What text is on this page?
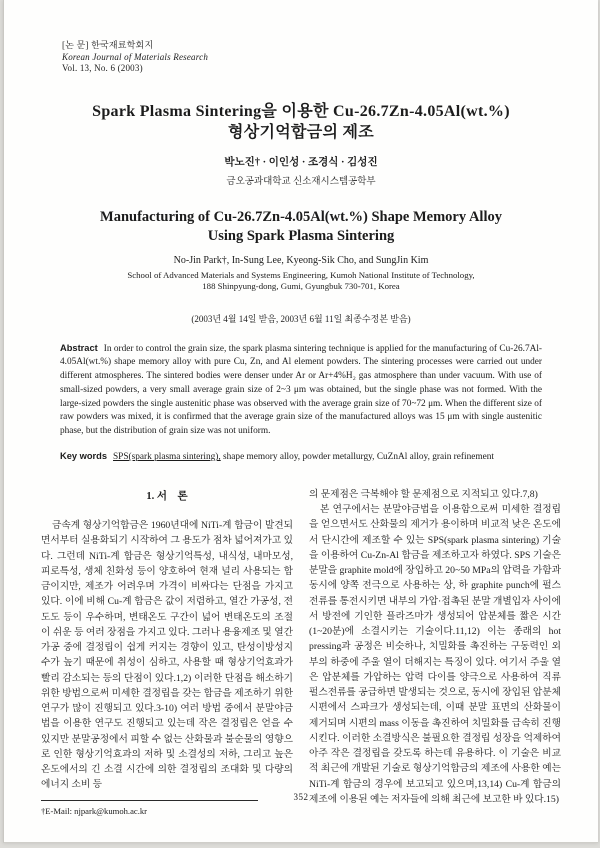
[논 문] 한국재료학회지
Korean Journal of Materials Research
Vol. 13, No. 6 (2003)
Spark Plasma Sintering을 이용한 Cu-26.7Zn-4.05Al(wt.%)
형상기억합금의 제조
박노진† · 이인성 · 조경식 · 김성진
금오공과대학교 신소재시스템공학부
Manufacturing of Cu-26.7Zn-4.05Al(wt.%) Shape Memory Alloy
Using Spark Plasma Sintering
No-Jin Park†, In-Sung Lee, Kyeong-Sik Cho, and SungJin Kim
School of Advanced Materials and Systems Engineering, Kumoh National Institute of Technology,
188 Shinpyung-dong, Gumi, Gyungbuk 730-701, Korea
(2003년 4월 14일 받음, 2003년 6월 11일 최종수정본 받음)

Abstract In order to control the grain size, the spark plasma sintering technique is applied for the manufacturing of Cu-26.7Al-4.05Al(wt.%) shape memory alloy with pure Cu, Zn, and Al element powders. The sintering processes were carried out under different atmospheres. The sintered bodies were denser under Ar or Ar+4%H₂ gas atmosphere than under vacuum. With use of small-sized powders, a very small average grain size of 2~3 μm was obtained, but the single phase was not formed. With the large-sized powders the single austenitic phase was observed with the average grain size of 70~72 μm. When the different size of raw powders was mixed, it is confirmed that the average grain size of the manufactured alloys was 15 μm with single austenitic phase, but the distribution of grain size was not uniform.

Key words SPS(spark plasma sintering), shape memory alloy, powder metallurgy, CuZnAl alloy, grain refinement

1. 서　론

금속계 형상기억합금은 1960년대에 NiTi-계 합금이 발견되면서부터 실용화되기 시작하여 그 용도가 점차 넓어져가고 있다. 그런데 NiTi-계 합금은 형상기억특성, 내식성, 내마모성, 피로특성, 생체 친화성 등이 양호하여 현재 널리 사용되는 합금이지만, 제조가 어려우며 가격이 비싸다는 단점을 가지고 있다. 이에 비해 Cu-계 합금은 값이 저렴하고, 열간 가공성, 전도도 등이 우수하며, 변태온도 구간이 넓어 변태온도의 조절이 쉬운 등 여러 장점을 가지고 있다. 그러나 용융제조 및 열간가공 중에 결정립이 쉽게 커지는 경향이 있고, 탄성이방성지수가 높기 때문에 취성이 심하고, 사용할 때 형상기억효과가 빨리 감소되는 등의 단점이 있다.1,2) 이러한 단점을 해소하기 위한 방법으로써 미세한 결정립을 갖는 합금을 제조하기 위한 연구가 많이 진행되고 있다.3-10) 여러 방법 중에서 분말야금법을 이용한 연구도 진행되고 있는데 작은 결정립은 얻을 수 있지만 분말공정에서 피할 수 없는 산화물과 불순물의 영향으로 인한 형상기억효과의 저하 및 소결성의 저하, 그리고 높은 온도에서의 긴 소결 시간에 의한 결정립의 조대화 및 다량의 에너지 소비 등

†E-Mail: njpark@kumoh.ac.kr

의 문제점은 극복해야 할 문제점으로 지적되고 있다.7,8)

본 연구에서는 분말야금법을 이용함으로써 미세한 결정립을 얻으면서도 산화물의 제거가 용이하며 비교적 낮은 온도에서 단시간에 제조할 수 있는 SPS(spark plasma sintering) 기술을 이용하여 Cu-Zn-Al 합금을 제조하고자 하였다. SPS 기술은 분말을 graphite mold에 장입하고 20~50 MPa의 압력을 가함과 동시에 양쪽 전극으로 사용하는 상, 하 graphite punch에 펄스전류를 통전시키면 내부의 가압·접촉된 분말 개별입자 사이에서 방전에 기인한 플라즈마가 생성되어 압분체를 짧은 시간(1~20분)에 소결시키는 기술이다.11,12) 이는 종래의 hot pressing과 공정은 비슷하나, 치밀화를 촉진하는 구동력인 외부의 하중에 주울 열이 더해지는 특징이 있다. 여기서 주울 열은 압분체를 가압하는 압력 다이를 양극으로 사용하여 직류 펄스전류를 공급하면 발생되는 것으로, 동시에 장입된 압분체 시편에서 스파크가 생성되는데, 이때 분말 표면의 산화물이 제거되며 시편의 mass 이동을 촉진하여 치밀화를 급속히 진행시킨다. 이러한 소결방식은 불필요한 결정립 성장을 억제하여 아주 작은 결정립을 갖도록 하는데 유용하다. 이 기술은 비교적 최근에 개발된 기술로 형상기억합금의 제조에 사용한 예는 NiTi-계 합금의 경우에 보고되고 있으며,13,14) Cu-계 합금의 제조에 이용된 예는 저자들에 의해 최근에 보고한 바 있다.15)

352
